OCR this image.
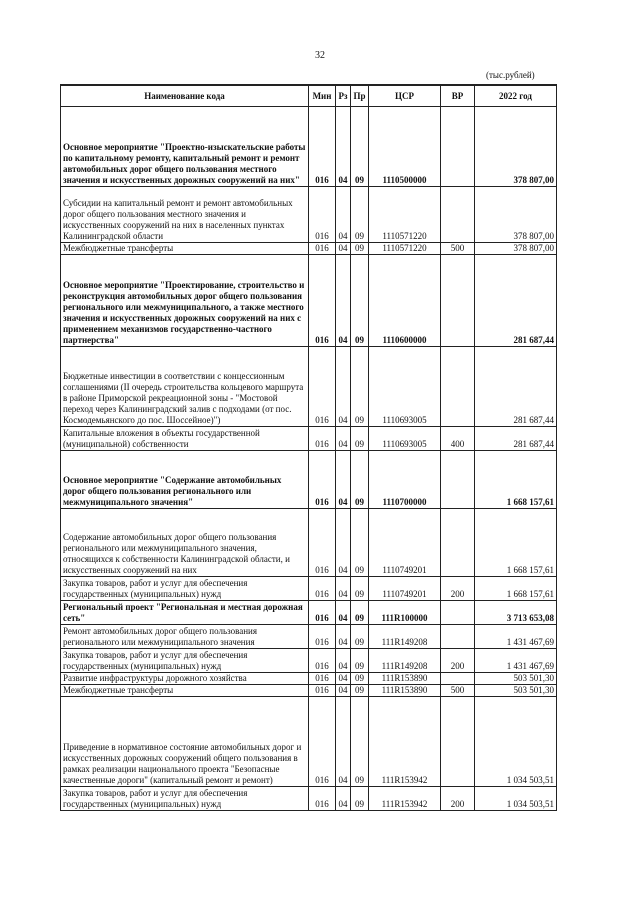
32
(тыс.рублей)
Наименование кода	Мин	Рз	Пр	ЦСР	ВР	2022 год
Основное мероприятие "Проектно-изыскательские работы по капитальному ремонту, капитальный ремонт и ремонт автомобильных дорог общего пользования местного значения и искусственных дорожных сооружений на них"	016	04	09	1110500000		378 807,00
Субсидии на капитальный ремонт и ремонт автомобильных дорог общего пользования местного значения и искусственных сооружений на них в населенных пунктах Калининградской области	016	04	09	1110571220		378 807,00
Межбюджетные трансферты	016	04	09	1110571220	500	378 807,00
Основное мероприятие "Проектирование, строительство и реконструкция автомобильных дорог общего пользования регионального или межмуниципального, а также местного значения и искусственных дорожных сооружений на них с применением механизмов государственно-частного партнерства"	016	04	09	1110600000		281 687,44
Бюджетные инвестиции в соответствии с концессионным соглашениями (II очередь строительства кольцевого маршрута в районе Приморской рекреационной зоны - "Мостовой переход через Калининградский залив с подходами (от пос. Космодемьянского до пос. Шоссейное)")	016	04	09	1110693005		281 687,44
Капитальные вложения в объекты государственной (муниципальной) собственности	016	04	09	1110693005	400	281 687,44
Основное мероприятие "Содержание автомобильных дорог общего пользования регионального или межмуниципального значения"	016	04	09	1110700000		1 668 157,61
Содержание автомобильных дорог общего пользования регионального или межмуниципального значения, относящихся к собственности Калининградской области, и искусственных сооружений на них	016	04	09	1110749201		1 668 157,61
Закупка товаров, работ и услуг для обеспечения государственных (муниципальных) нужд	016	04	09	1110749201	200	1 668 157,61
Региональный проект "Региональная и местная дорожная сеть"	016	04	09	111R100000		3 713 653,08
Ремонт автомобильных дорог общего пользования регионального или межмуниципального значения	016	04	09	111R149208		1 431 467,69
Закупка товаров, работ и услуг для обеспечения государственных (муниципальных) нужд	016	04	09	111R149208	200	1 431 467,69
Развитие инфраструктуры дорожного хозяйства	016	04	09	111R153890		503 501,30
Межбюджетные трансферты	016	04	09	111R153890	500	503 501,30
Приведение в нормативное состояние автомобильных дорог и искусственных дорожных сооружений общего пользования в рамках реализации национального проекта "Безопасные качественные дороги" (капитальный ремонт и ремонт)	016	04	09	111R153942		1 034 503,51
Закупка товаров, работ и услуг для обеспечения государственных (муниципальных) нужд	016	04	09	111R153942	200	1 034 503,51
